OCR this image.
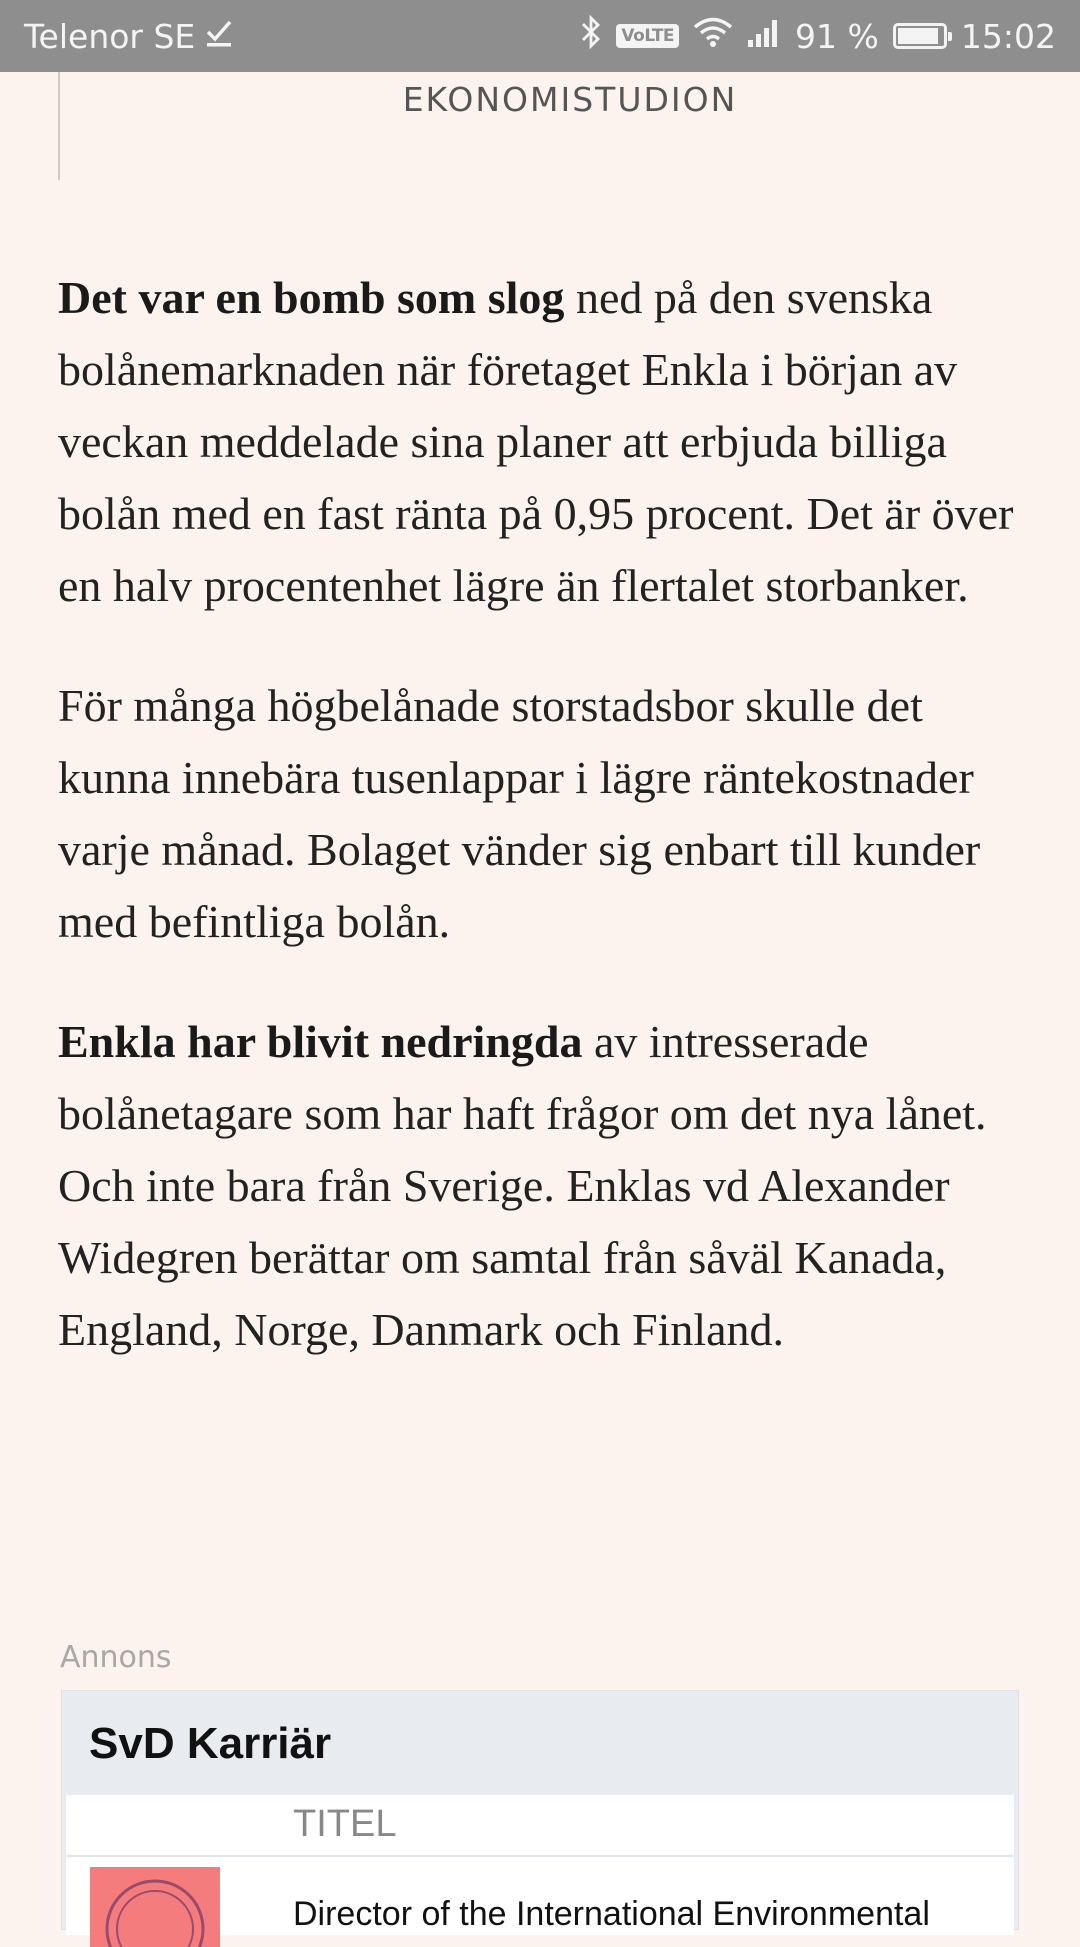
Telenor SE	VoLTE	91 % 15:02
EKONOMISTUDION

Det var en bomb som slog ned på den svenska bolånemarknaden när företaget Enkla i början av veckan meddelade sina planer att erbjuda billiga bolån med en fast ränta på 0,95 procent. Det är över en halv procentenhet lägre än flertalet storbanker.

För många högbelånade storstadsbor skulle det kunna innebära tusenlappar i lägre räntekostnader varje månad. Bolaget vänder sig enbart till kunder med befintliga bolån.

Enkla har blivit nedringda av intresserade bolånetagare som har haft frågor om det nya lånet. Och inte bara från Sverige. Enklas vd Alexander Widegren berättar om samtal från såväl Kanada, England, Norge, Danmark och Finland.

Annons
SvD Karriär
TITEL
Director of the International Environmental
